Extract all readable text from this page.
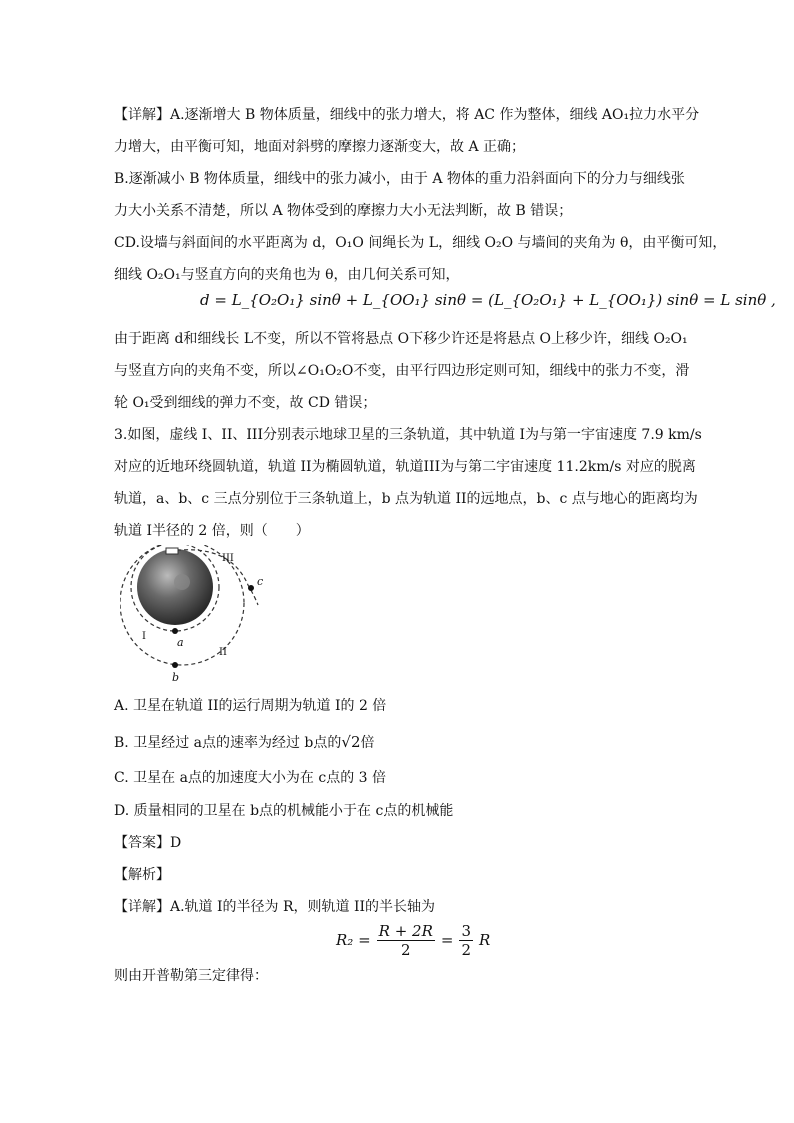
【详解】A.逐渐增大 B 物体质量，细线中的张力增大，将 AC 作为整体，细线 AO₁拉力水平分
力增大，由平衡可知，地面对斜劈的摩擦力逐渐变大，故 A 正确；
B.逐渐减小 B 物体质量，细线中的张力减小，由于 A 物体的重力沿斜面向下的分力与细线张
力大小关系不清楚，所以 A 物体受到的摩擦力大小无法判断，故 B 错误；
CD.设墙与斜面间的水平距离为 d，O₁O 间绳长为 L，细线 O₂O 与墙间的夹角为 θ，由平衡可知，
细线 O₂O₁与竖直方向的夹角也为 θ，由几何关系可知，
d = L_{O₂O₁} sinθ + L_{OO₁} sinθ = (L_{O₂O₁} + L_{OO₁}) sinθ = L sinθ ,
由于距离 d和细线长 L不变，所以不管将悬点 O下移少许还是将悬点 O上移少许，细线 O₂O₁
与竖直方向的夹角不变，所以∠O₁O₂O不变，由平行四边形定则可知，细线中的张力不变，滑
轮 O₁受到细线的弹力不变，故 CD 错误；
3.如图，虚线 I、II、III分别表示地球卫星的三条轨道，其中轨道 I为与第一宇宙速度 7.9 km/s
对应的近地环绕圆轨道，轨道 II为椭圆轨道，轨道III为与第二宇宙速度 11.2km/s 对应的脱离
轨道，a、b、c 三点分别位于三条轨道上，b 点为轨道 II的远地点，b、c 点与地心的距离均为
轨道 I半径的 2 倍，则（　　）
III
c
I	a
II
b
A. 卫星在轨道 II的运行周期为轨道 I的 2 倍
B. 卫星经过 a点的速率为经过 b点的√2倍
C. 卫星在 a点的加速度大小为在 c点的 3 倍
D. 质量相同的卫星在 b点的机械能小于在 c点的机械能
【答案】D
【解析】
【详解】A.轨道 I的半径为 R，则轨道 II的半长轴为
$R_2 = \frac{R + 2R}{2} = \frac{3}{2}$ R
则由开普勒第三定律得：
